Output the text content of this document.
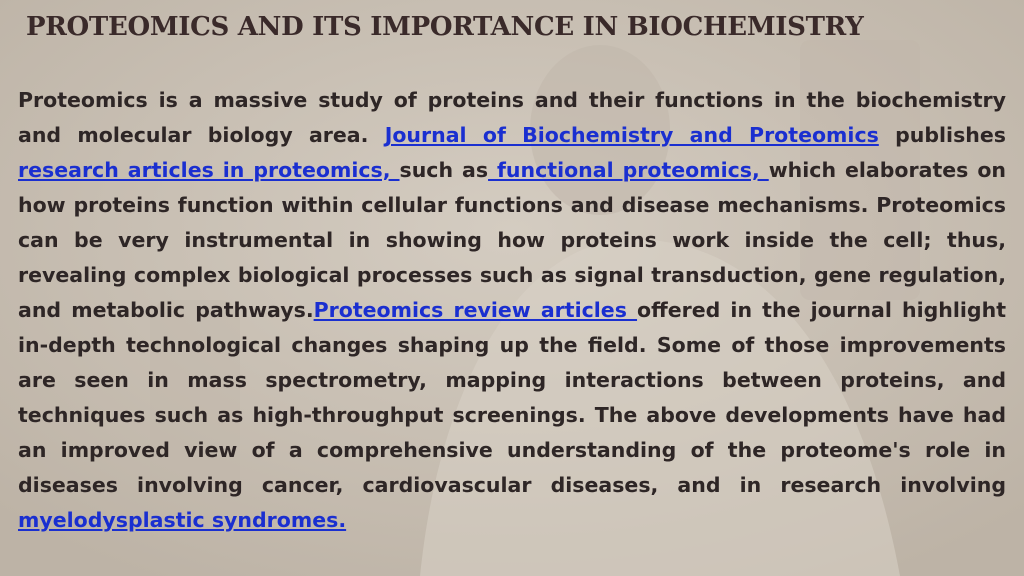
PROTEOMICS AND ITS IMPORTANCE IN BIOCHEMISTRY

Proteomics is a massive study of proteins and their functions in the biochemistry and molecular biology area. Journal of Biochemistry and Proteomics publishes research articles in proteomics, such as functional proteomics, which elaborates on how proteins function within cellular functions and disease mechanisms. Proteomics can be very instrumental in showing how proteins work inside the cell; thus, revealing complex biological processes such as signal transduction, gene regulation, and metabolic pathways.Proteomics review articles offered in the journal highlight in-depth technological changes shaping up the field. Some of those improvements are seen in mass spectrometry, mapping interactions between proteins, and techniques such as high-throughput screenings. The above developments have had an improved view of a comprehensive understanding of the proteome's role in diseases involving cancer, cardiovascular diseases, and in research involving myelodysplastic syndromes.
